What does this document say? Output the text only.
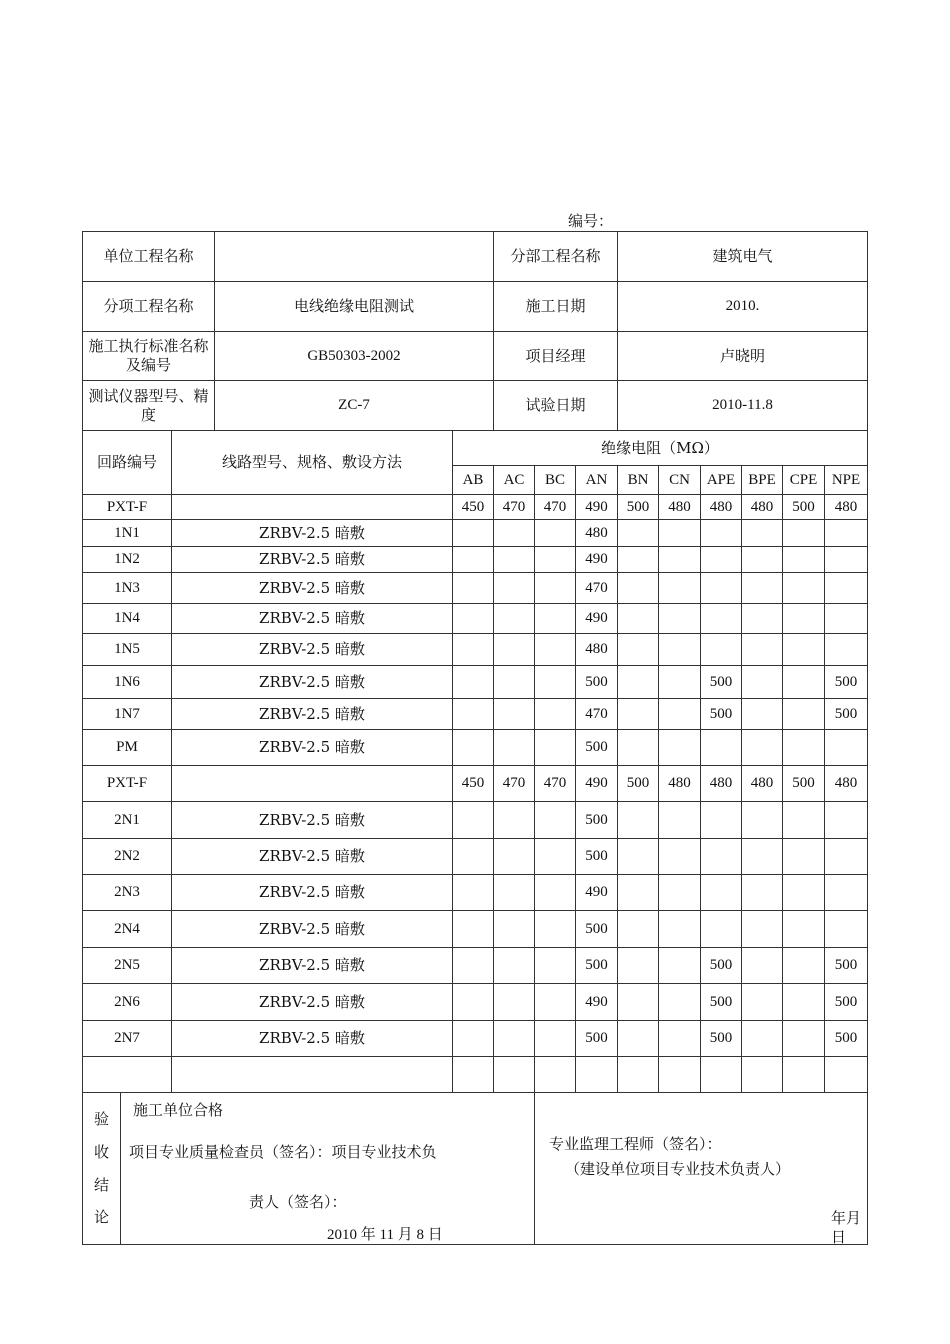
编号：
单位工程名称					分部工程名称			建筑电气					
分项工程名称			电线绝缘电阻测试		施工日期			2010.					
施工执行标准名称及编号			GB50303-2002		项目经理			卢晓明					
测试仪器型号、精度			ZC-7		试验日期			2010-11.8					
回路编号		线路型号、规格、敷设方法		绝缘电阻（MΩ）									
				AB	AC	BC	AN	BN	CN	APE	BPE	CPE	NPE
PXT-F				450	470	470	490	500	480	480	480	500	480
1N1		ZRBV-2.5 暗敷					480						
1N2		ZRBV-2.5 暗敷					490						
1N3		ZRBV-2.5 暗敷					470						
1N4		ZRBV-2.5 暗敷					490						
1N5		ZRBV-2.5 暗敷					480						
1N6		ZRBV-2.5 暗敷					500			500			500
1N7		ZRBV-2.5 暗敷					470			500			500
PM		ZRBV-2.5 暗敷					500						
PXT-F				450	470	470	490	500	480	480	480	500	480
2N1		ZRBV-2.5 暗敷					500						
2N2		ZRBV-2.5 暗敷					500						
2N3		ZRBV-2.5 暗敷					490						
2N4		ZRBV-2.5 暗敷					500						
2N5		ZRBV-2.5 暗敷					500			500			500
2N6		ZRBV-2.5 暗敷					490			500			500
2N7		ZRBV-2.5 暗敷					500			500			500

验
收
结
论	施工单位合格
项目专业质量检查员（签名）：项目专业技术负
责人（签名）：
2010 年 11 月 8 日					专业监理工程师（签名）：
（建设单位项目专业技术负责人）
年月日							
